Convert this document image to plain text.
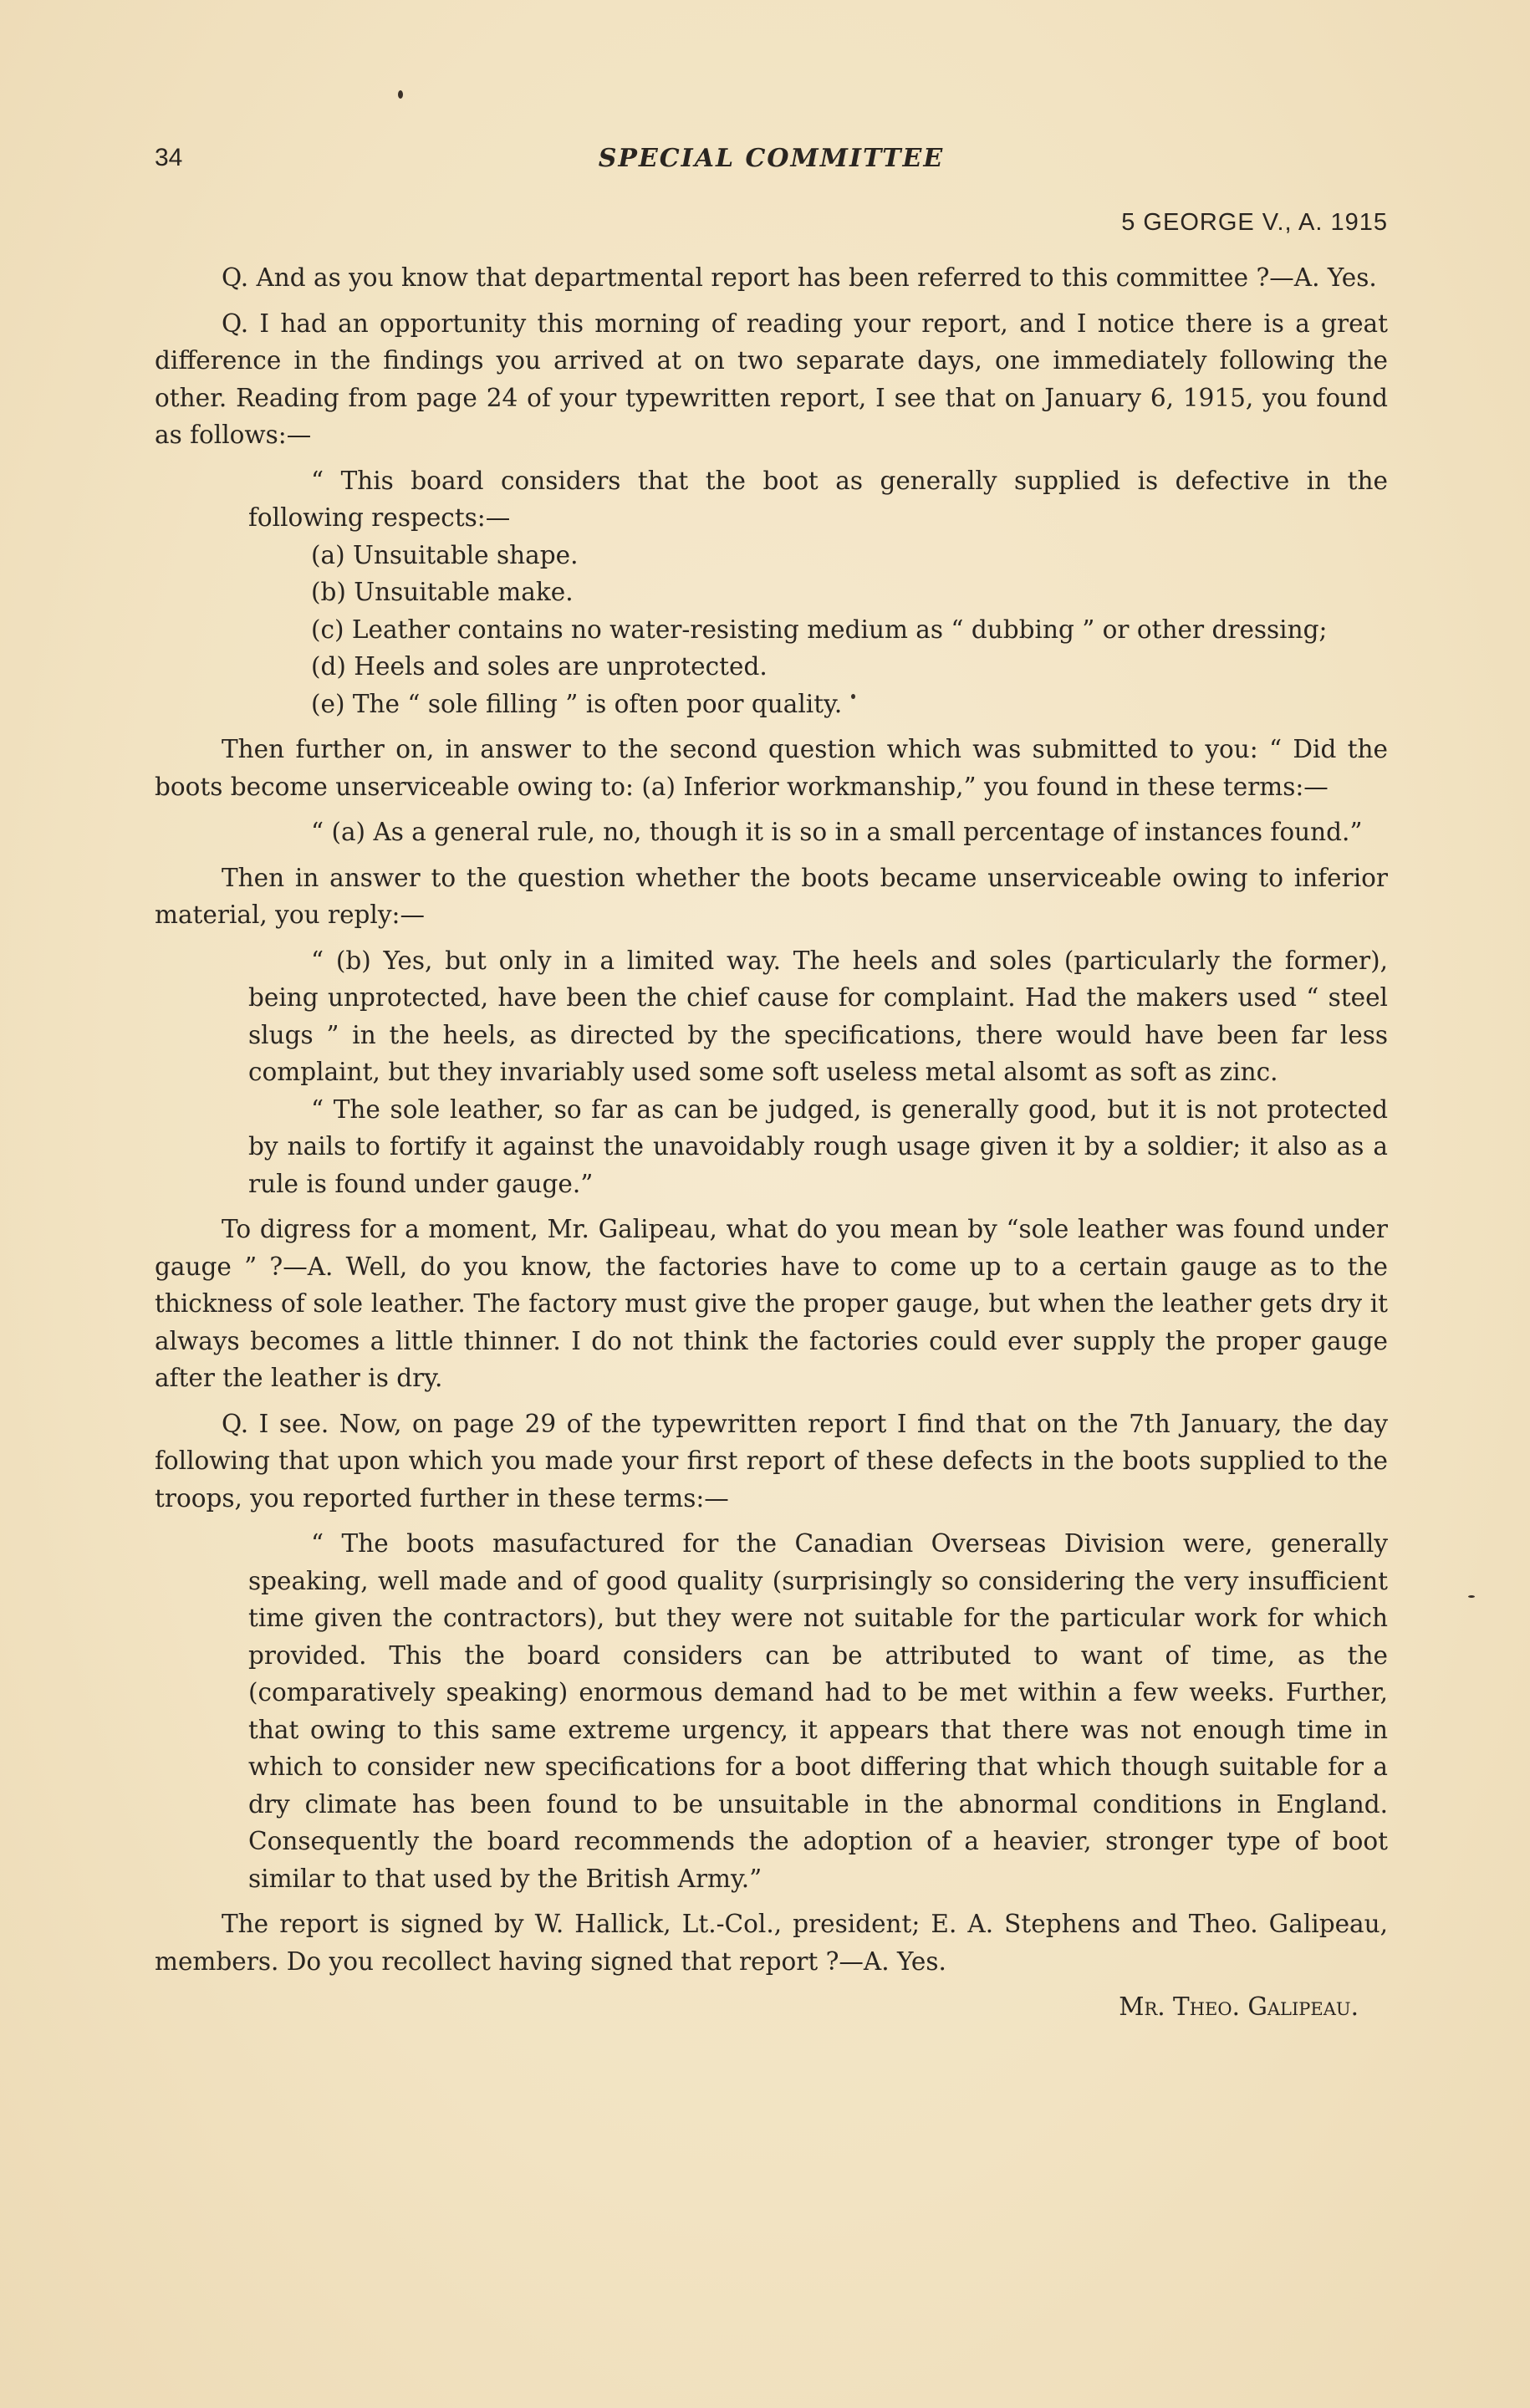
34	SPECIAL COMMITTEE
5 GEORGE V., A. 1915

Q. And as you know that departmental report has been referred to this committee ?—A. Yes.

Q. I had an opportunity this morning of reading your report, and I notice there is a great difference in the findings you arrived at on two separate days, one immediately following the other. Reading from page 24 of your typewritten report, I see that on January 6, 1915, you found as follows:—

“ This board considers that the boot as generally supplied is defective in the following respects:—

(a) Unsuitable shape.

(b) Unsuitable make.

(c) Leather contains no water-resisting medium as “ dubbing ” or other dressing;

(d) Heels and soles are unprotected.

(e) The “ sole filling ” is often poor quality.

Then further on, in answer to the second question which was submitted to you: “ Did the boots become unserviceable owing to: (a) Inferior workmanship,” you found in these terms:—

“ (a) As a general rule, no, though it is so in a small percentage of instances found.”

Then in answer to the question whether the boots became unserviceable owing to inferior material, you reply:—

“ (b) Yes, but only in a limited way. The heels and soles (particularly the former), being unprotected, have been the chief cause for complaint. Had the makers used “ steel slugs ” in the heels, as directed by the specifications, there would have been far less complaint, but they invariably used some soft useless metal alsomt as soft as zinc.

“ The sole leather, so far as can be judged, is generally good, but it is not protected by nails to fortify it against the unavoidably rough usage given it by a soldier; it also as a rule is found under gauge.”

To digress for a moment, Mr. Galipeau, what do you mean by “sole leather was found under gauge ” ?—A. Well, do you know, the factories have to come up to a certain gauge as to the thickness of sole leather. The factory must give the proper gauge, but when the leather gets dry it always becomes a little thinner. I do not think the factories could ever supply the proper gauge after the leather is dry.

Q. I see. Now, on page 29 of the typewritten report I find that on the 7th January, the day following that upon which you made your first report of these defects in the boots supplied to the troops, you reported further in these terms:—

“ The boots masufactured for the Canadian Overseas Division were, generally speaking, well made and of good quality (surprisingly so considering the very insufficient time given the contractors), but they were not suitable for the particular work for which provided. This the board considers can be attributed to want of time, as the (comparatively speaking) enormous demand had to be met within a few weeks. Further, that owing to this same extreme urgency, it appears that there was not enough time in which to consider new specifications for a boot differing that which though suitable for a dry climate has been found to be unsuitable in the abnormal conditions in England. Consequently the board recommends the adoption of a heavier, stronger type of boot similar to that used by the British Army.”

The report is signed by W. Hallick, Lt.-Col., president; E. A. Stephens and Theo. Galipeau, members. Do you recollect having signed that report ?—A. Yes.

Mr. Theo. Galipeau.
